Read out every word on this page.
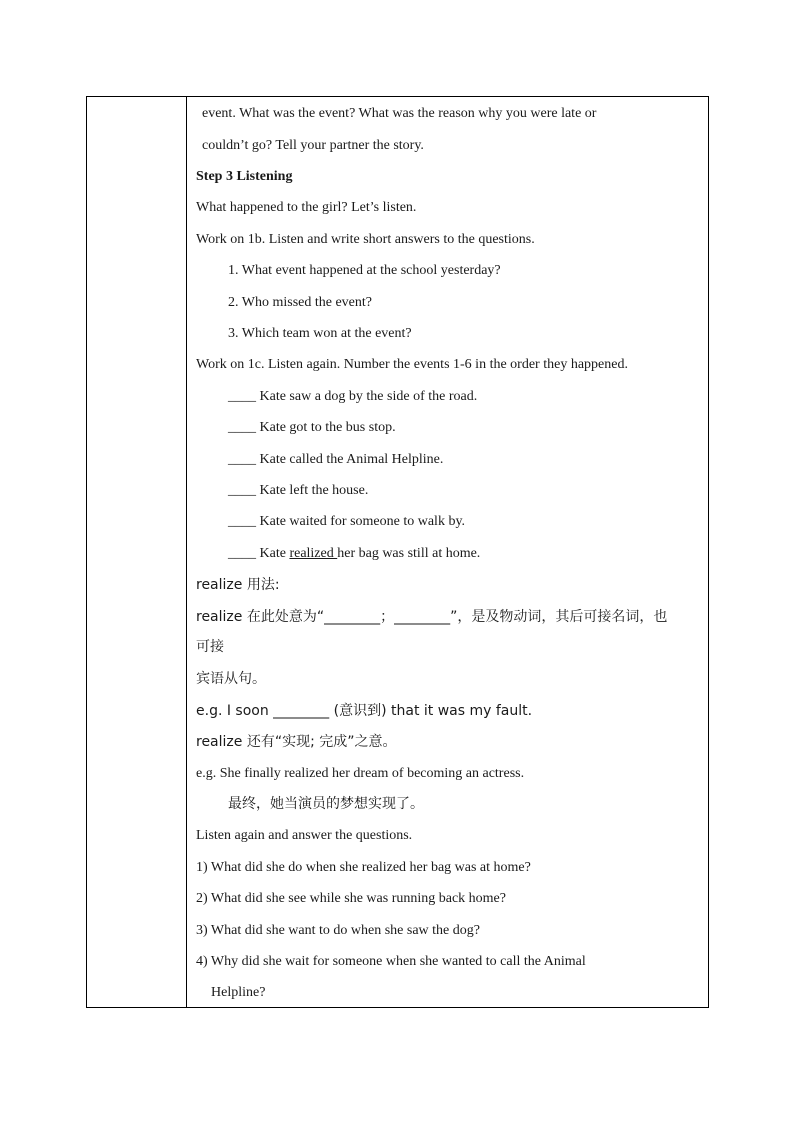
event. What was the event? What was the reason why you were late or
couldn’t go? Tell your partner the story.
Step 3 Listening
What happened to the girl? Let’s listen.
Work on 1b. Listen and write short answers to the questions.
1. What event happened at the school yesterday?
2. Who missed the event?
3. Which team won at the event?
Work on 1c. Listen again. Number the events 1-6 in the order they happened.
____ Kate saw a dog by the side of the road.
____ Kate got to the bus stop.
____ Kate called the Animal Helpline.
____ Kate left the house.
____ Kate waited for someone to walk by.
____ Kate realized her bag was still at home.
realize 用法:
realize 在此处意为“________；________”，是及物动词，其后可接名词，也
可接
宾语从句。
e.g. I soon ________ (意识到) that it was my fault.
realize 还有“实现; 完成”之意。
e.g. She finally realized her dream of becoming an actress.
最终，她当演员的梦想实现了。
Listen again and answer the questions.
1) What did she do when she realized her bag was at home?
2) What did she see while she was running back home?
3) What did she want to do when she saw the dog?
4) Why did she wait for someone when she wanted to call the Animal
Helpline?
